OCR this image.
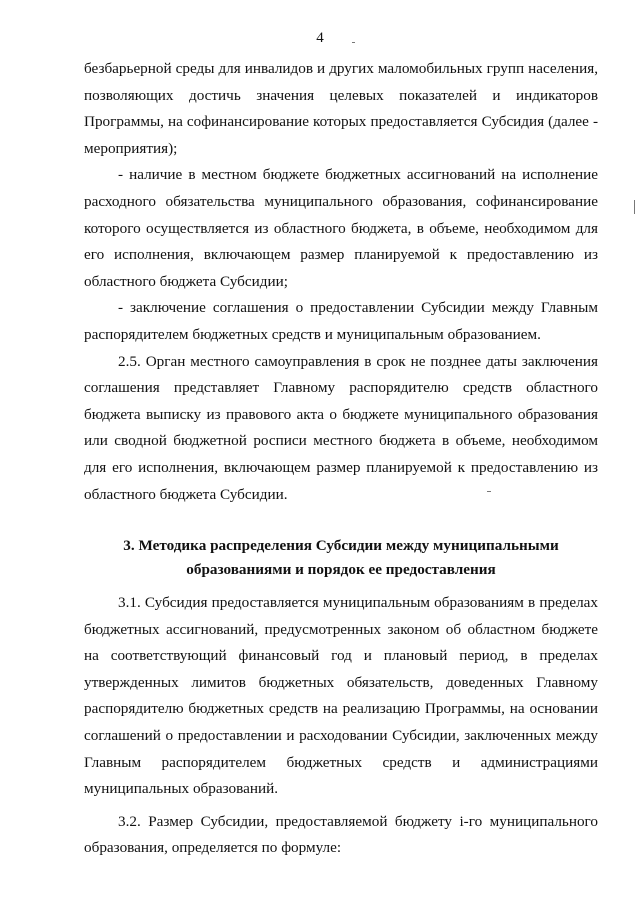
4

безбарьерной среды для инвалидов и других маломобильных групп населения, позволяющих достичь значения целевых показателей и индикаторов Программы, на софинансирование которых предоставляется Субсидия (далее - мероприятия);

- наличие в местном бюджете бюджетных ассигнований на исполнение расходного обязательства муниципального образования, софинансирование которого осуществляется из областного бюджета, в объеме, необходимом для его исполнения, включающем размер планируемой к предоставлению из областного бюджета Субсидии;

- заключение соглашения о предоставлении Субсидии между Главным распорядителем бюджетных средств и муниципальным образованием.

2.5. Орган местного самоуправления в срок не позднее даты заключения соглашения представляет Главному распорядителю средств областного бюджета выписку из правового акта о бюджете муниципального образования или сводной бюджетной росписи местного бюджета в объеме, необходимом для его исполнения, включающем размер планируемой к предоставлению из областного бюджета Субсидии.

3. Методика распределения Субсидии между муниципальными
образованиями и порядок ее предоставления

3.1. Субсидия предоставляется муниципальным образованиям в пределах бюджетных ассигнований, предусмотренных законом об областном бюджете на соответствующий финансовый год и плановый период, в пределах утвержденных лимитов бюджетных обязательств, доведенных Главному распорядителю бюджетных средств на реализацию Программы, на основании соглашений о предоставлении и расходовании Субсидии, заключенных между Главным распорядителем бюджетных средств и администрациями муниципальных образований.

3.2. Размер Субсидии, предоставляемой бюджету i-го муниципального образования, определяется по формуле:
